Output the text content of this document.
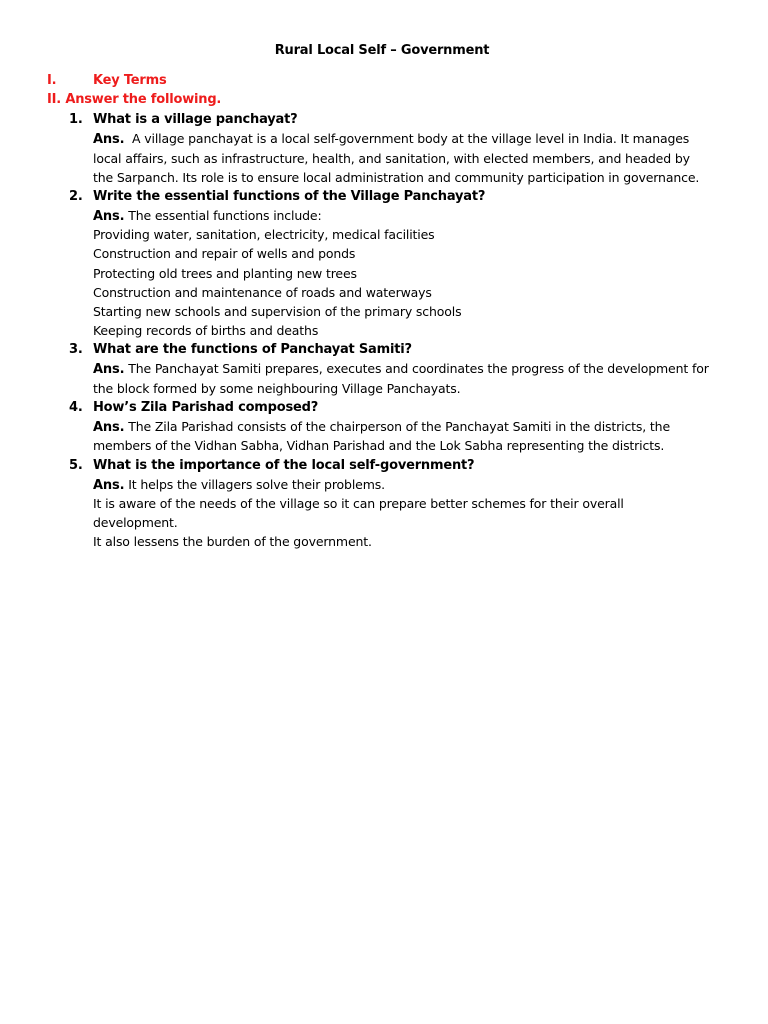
Rural Local Self – Government
I.	Key Terms
II. Answer the following.
1. What is a village panchayat?
Ans.  A village panchayat is a local self-government body at the village level in India. It manages
local affairs, such as infrastructure, health, and sanitation, with elected members, and headed by
the Sarpanch. Its role is to ensure local administration and community participation in governance.
2. Write the essential functions of the Village Panchayat?
Ans. The essential functions include:
Providing water, sanitation, electricity, medical facilities
Construction and repair of wells and ponds
Protecting old trees and planting new trees
Construction and maintenance of roads and waterways
Starting new schools and supervision of the primary schools
Keeping records of births and deaths
3. What are the functions of Panchayat Samiti?
Ans. The Panchayat Samiti prepares, executes and coordinates the progress of the development for
the block formed by some neighbouring Village Panchayats.
4. How’s Zila Parishad composed?
Ans. The Zila Parishad consists of the chairperson of the Panchayat Samiti in the districts, the
members of the Vidhan Sabha, Vidhan Parishad and the Lok Sabha representing the districts.
5. What is the importance of the local self-government?
Ans. It helps the villagers solve their problems.
It is aware of the needs of the village so it can prepare better schemes for their overall
development.
It also lessens the burden of the government.
